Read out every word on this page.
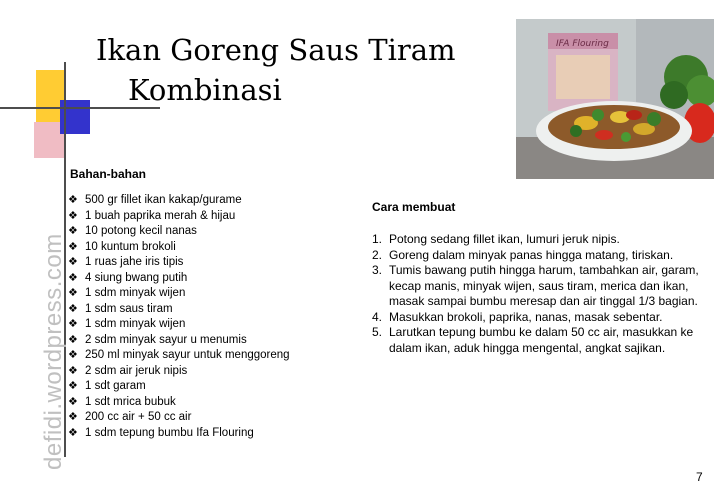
defidi.wordpress.com
Ikan Goreng Saus Tiram
Kombinasi
IFA Flouring
Bahan-bahan
❖ 500 gr fillet ikan kakap/gurame
❖ 1 buah paprika merah & hijau
❖ 10 potong kecil nanas
❖ 10 kuntum brokoli
❖ 1 ruas jahe iris tipis
❖ 4 siung bwang putih
❖ 1 sdm minyak wijen
❖ 1 sdm saus tiram
❖ 1 sdm minyak wijen
❖ 2 sdm minyak sayur u menumis
❖ 250 ml minyak sayur untuk menggoreng
❖ 2 sdm air jeruk nipis
❖ 1 sdt garam
❖ 1 sdt mrica bubuk
❖ 200 cc air + 50 cc air
❖ 1 sdm tepung bumbu Ifa Flouring
Cara membuat
1. Potong sedang fillet ikan, lumuri jeruk nipis.
2. Goreng dalam minyak panas hingga matang, tiriskan.
3. Tumis bawang putih hingga harum, tambahkan air, garam, kecap manis, minyak wijen, saus tiram, merica dan ikan, masak sampai bumbu meresap dan air tinggal 1/3 bagian.
4. Masukkan brokoli, paprika, nanas, masak sebentar.
5. Larutkan tepung bumbu ke dalam 50 cc air, masukkan ke dalam ikan, aduk hingga mengental, angkat sajikan.
7
